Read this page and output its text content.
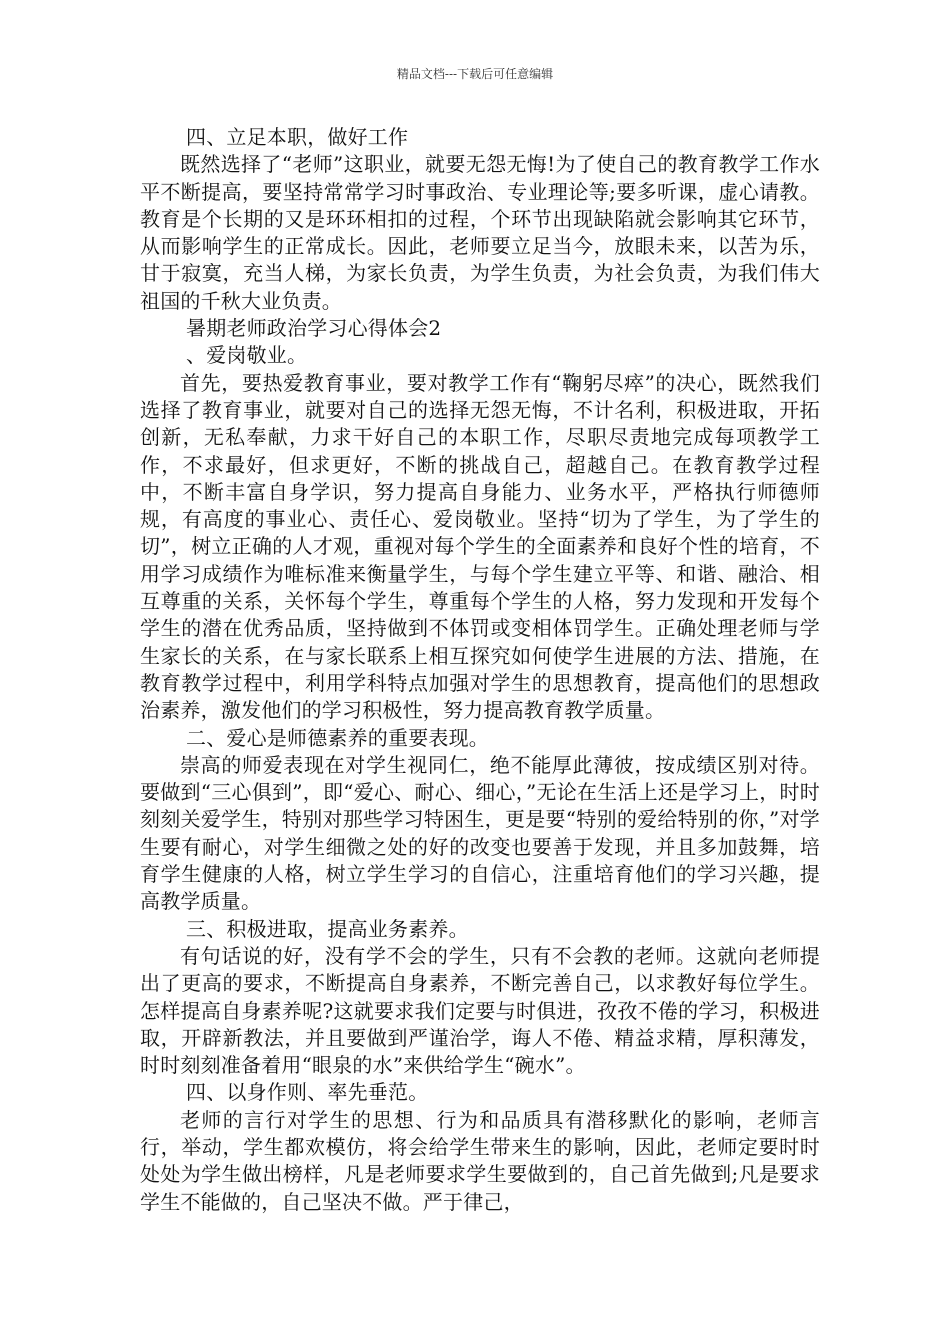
精品文档---下载后可任意编辑

四、立足本职，做好工作

既然选择了“老师”这职业，就要无怨无悔!为了使自己的教育教学工作水平不断提高，要坚持常常学习时事政治、专业理论等;要多听课，虚心请教。教育是个长期的又是环环相扣的过程，个环节出现缺陷就会影响其它环节，从而影响学生的正常成长。因此，老师要立足当今，放眼未来，以苦为乐，甘于寂寞，充当人梯，为家长负责，为学生负责，为社会负责，为我们伟大祖国的千秋大业负责。

暑期老师政治学习心得体会2

、爱岗敬业。

首先，要热爱教育事业，要对教学工作有“鞠躬尽瘁”的决心，既然我们选择了教育事业，就要对自己的选择无怨无悔，不计名利，积极进取，开拓创新，无私奉献，力求干好自己的本职工作，尽职尽责地完成每项教学工作，不求最好，但求更好，不断的挑战自己，超越自己。在教育教学过程中，不断丰富自身学识，努力提高自身能力、业务水平，严格执行师德师规，有高度的事业心、责任心、爱岗敬业。坚持“切为了学生，为了学生的切”，树立正确的人才观，重视对每个学生的全面素养和良好个性的培育，不用学习成绩作为唯标准来衡量学生，与每个学生建立平等、和谐、融洽、相互尊重的关系，关怀每个学生，尊重每个学生的人格，努力发现和开发每个学生的潜在优秀品质，坚持做到不体罚或变相体罚学生。正确处理老师与学生家长的关系，在与家长联系上相互探究如何使学生进展的方法、措施，在教育教学过程中，利用学科特点加强对学生的思想教育，提高他们的思想政治素养，激发他们的学习积极性，努力提高教育教学质量。

二、爱心是师德素养的重要表现。

崇高的师爱表现在对学生视同仁，绝不能厚此薄彼，按成绩区别对待。要做到“三心俱到”，即“爱心、耐心、细心，”无论在生活上还是学习上，时时刻刻关爱学生，特别对那些学习特困生，更是要“特别的爱给特别的你，”对学生要有耐心，对学生细微之处的好的改变也要善于发现，并且多加鼓舞，培育学生健康的人格，树立学生学习的自信心，注重培育他们的学习兴趣，提高教学质量。

三、积极进取，提高业务素养。

有句话说的好，没有学不会的学生，只有不会教的老师。这就向老师提出了更高的要求，不断提高自身素养，不断完善自己，以求教好每位学生。怎样提高自身素养呢?这就要求我们定要与时俱进，孜孜不倦的学习，积极进取，开辟新教法，并且要做到严谨治学，诲人不倦、精益求精，厚积薄发，时时刻刻准备着用“眼泉的水”来供给学生“碗水”。

四、以身作则、率先垂范。

老师的言行对学生的思想、行为和品质具有潜移默化的影响，老师言行，举动，学生都欢模仿，将会给学生带来生的影响，因此，老师定要时时处处为学生做出榜样，凡是老师要求学生要做到的，自己首先做到;凡是要求学生不能做的，自己坚决不做。严于律己，
